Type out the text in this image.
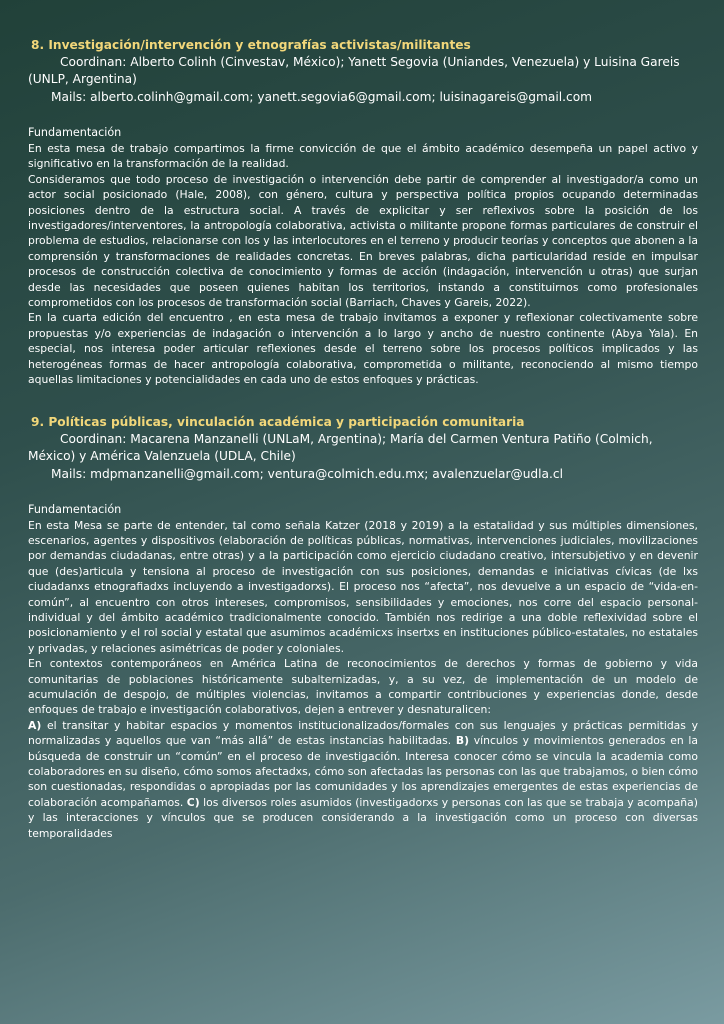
8. Investigación/intervención y etnografías activistas/militantes

Coordinan: Alberto Colinh (Cinvestav, México); Yanett Segovia (Uniandes, Venezuela) y Luisina Gareis (UNLP, Argentina)

Mails: alberto.colinh@gmail.com; yanett.segovia6@gmail.com; luisinagareis@gmail.com

Fundamentación

En esta mesa de trabajo compartimos la firme convicción de que el ámbito académico desempeña un papel activo y significativo en la transformación de la realidad.

Consideramos que todo proceso de investigación o intervención debe partir de comprender al investigador/a como un actor social posicionado (Hale, 2008), con género, cultura y perspectiva política propios ocupando determinadas posiciones dentro de la estructura social. A través de explicitar y ser reflexivos sobre la posición de los investigadores/interventores, la antropología colaborativa, activista o militante propone formas particulares de construir el problema de estudios, relacionarse con los y las interlocutores en el terreno y producir teorías y conceptos que abonen a la comprensión y transformaciones de realidades concretas. En breves palabras, dicha particularidad reside en impulsar procesos de construcción colectiva de conocimiento y formas de acción (indagación, intervención u otras) que surjan desde las necesidades que poseen quienes habitan los territorios, instando a constituirnos como profesionales comprometidos con los procesos de transformación social (Barriach, Chaves y Gareis, 2022).

En la cuarta edición del encuentro , en esta mesa de trabajo invitamos a exponer y reflexionar colectivamente sobre propuestas y/o experiencias de indagación o intervención a lo largo y ancho de nuestro continente (Abya Yala). En especial, nos interesa poder articular reflexiones desde el terreno sobre los procesos políticos implicados y las heterogéneas formas de hacer antropología colaborativa, comprometida o militante, reconociendo al mismo tiempo aquellas limitaciones y potencialidades en cada uno de estos enfoques y prácticas.

9. Políticas públicas, vinculación académica y participación comunitaria

Coordinan: Macarena Manzanelli (UNLaM, Argentina); María del Carmen Ventura Patiño (Colmich, México) y América Valenzuela (UDLA, Chile)

Mails: mdpmanzanelli@gmail.com; ventura@colmich.edu.mx; avalenzuelar@udla.cl

Fundamentación

En esta Mesa se parte de entender, tal como señala Katzer (2018 y 2019) a la estatalidad y sus múltiples dimensiones, escenarios, agentes y dispositivos (elaboración de políticas públicas, normativas, intervenciones judiciales, movilizaciones por demandas ciudadanas, entre otras) y a la participación como ejercicio ciudadano creativo, intersubjetivo y en devenir que (des)articula y tensiona al proceso de investigación con sus posiciones, demandas e iniciativas cívicas (de lxs ciudadanxs etnografiadxs incluyendo a investigadorxs). El proceso nos “afecta”, nos devuelve a un espacio de “vida-en-común”, al encuentro con otros intereses, compromisos, sensibilidades y emociones, nos corre del espacio personal-individual y del ámbito académico tradicionalmente conocido. También nos redirige a una doble reflexividad sobre el posicionamiento y el rol social y estatal que asumimos académicxs insertxs en instituciones público-estatales, no estatales y privadas, y relaciones asimétricas de poder y coloniales.

En contextos contemporáneos en América Latina de reconocimientos de derechos y formas de gobierno y vida comunitarias de poblaciones históricamente subalternizadas, y, a su vez, de implementación de un modelo de acumulación de despojo, de múltiples violencias, invitamos a compartir contribuciones y experiencias donde, desde enfoques de trabajo e investigación colaborativos, dejen a entrever y desnaturalicen:

A) el transitar y habitar espacios y momentos institucionalizados/formales con sus lenguajes y prácticas permitidas y normalizadas y aquellos que van “más allá” de estas instancias habilitadas. B) vínculos y movimientos generados en la búsqueda de construir un “común” en el proceso de investigación. Interesa conocer cómo se vincula la academia como colaboradores en su diseño, cómo somos afectadxs, cómo son afectadas las personas con las que trabajamos, o bien cómo son cuestionadas, respondidas o apropiadas por las comunidades y los aprendizajes emergentes de estas experiencias de colaboración acompañamos. C) los diversos roles asumidos (investigadorxs y personas con las que se trabaja y acompaña) y las interacciones y vínculos que se producen considerando a la investigación como un proceso con diversas temporalidades
